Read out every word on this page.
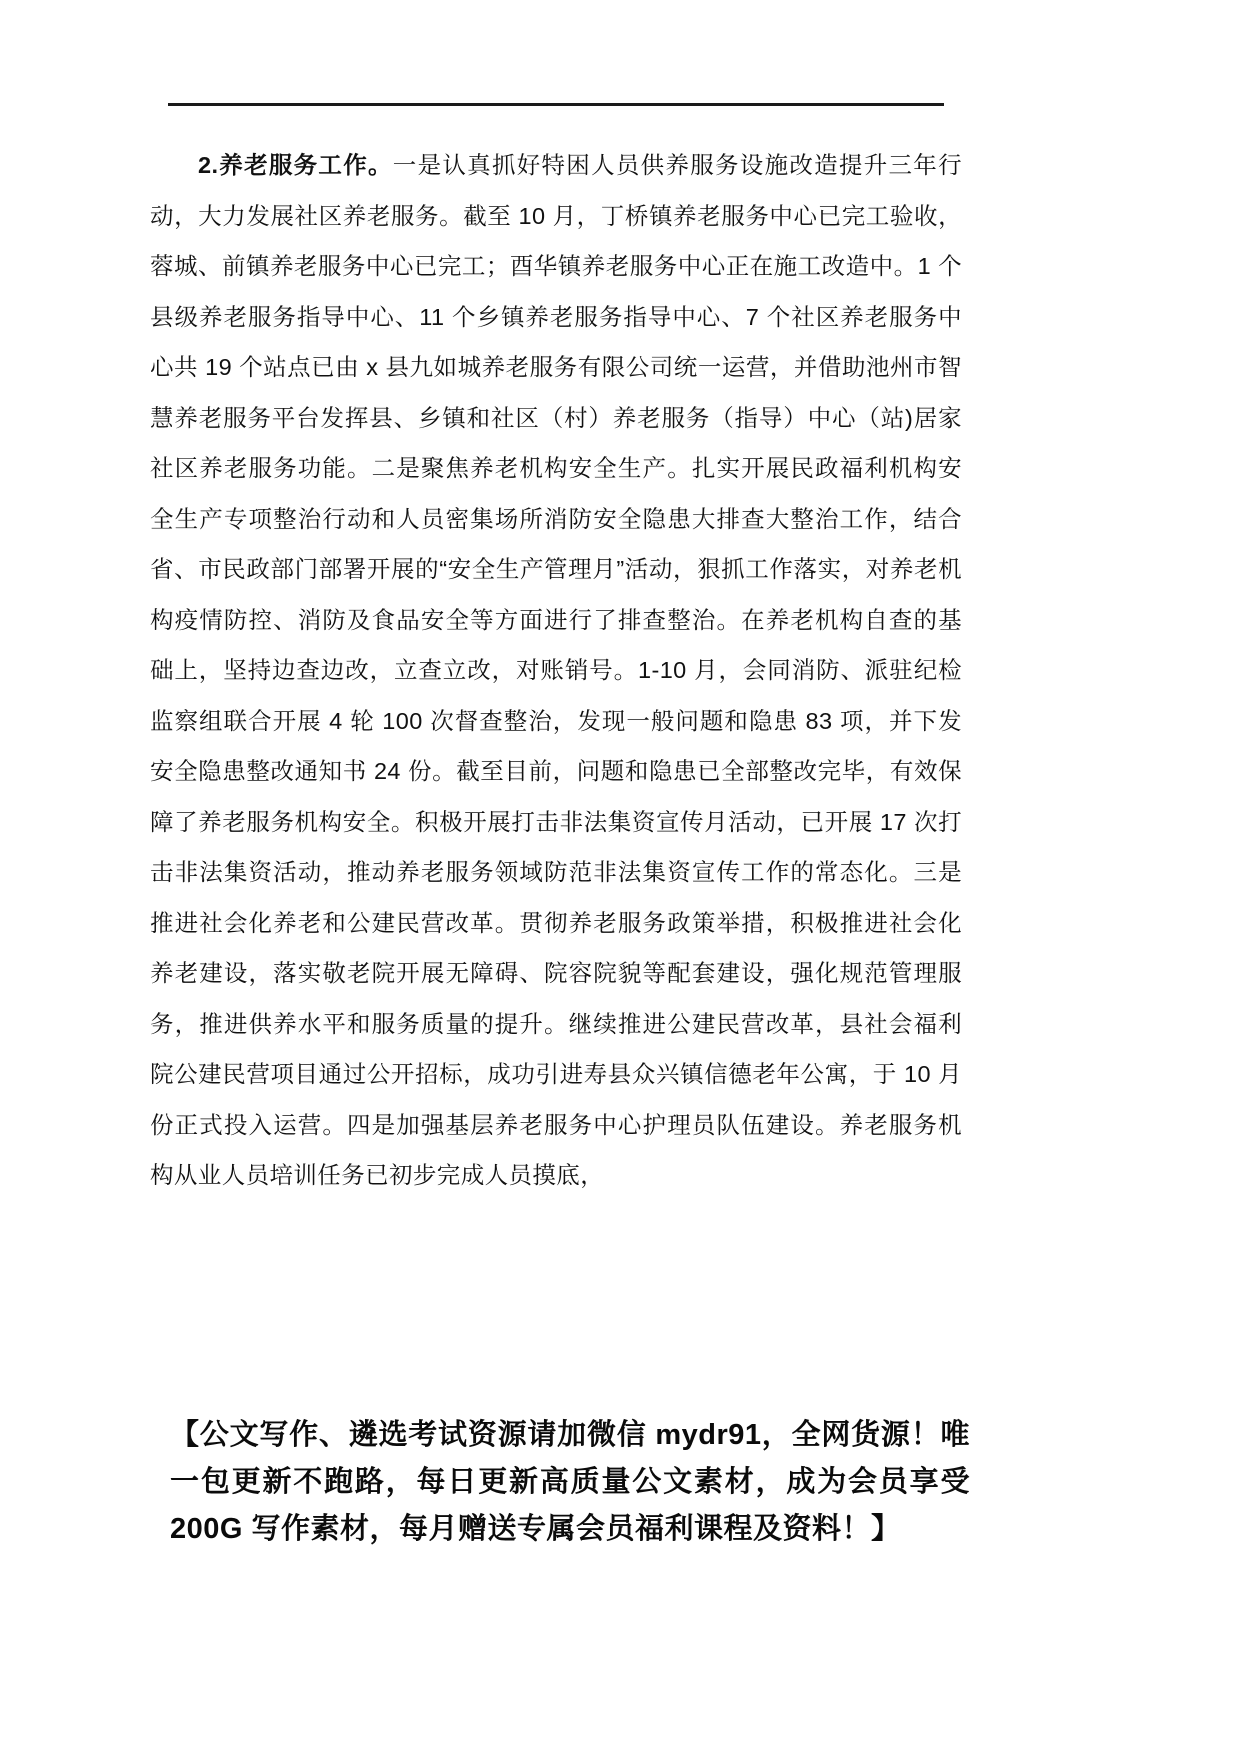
2.养老服务工作。一是认真抓好特困人员供养服务设施改造提升三年行动，大力发展社区养老服务。截至 10 月，丁桥镇养老服务中心已完工验收，蓉城、前镇养老服务中心已完工；酉华镇养老服务中心正在施工改造中。1 个县级养老服务指导中心、11 个乡镇养老服务指导中心、7 个社区养老服务中心共 19 个站点已由 x 县九如城养老服务有限公司统一运营，并借助池州市智慧养老服务平台发挥县、乡镇和社区（村）养老服务（指导）中心（站)居家社区养老服务功能。二是聚焦养老机构安全生产。扎实开展民政福利机构安全生产专项整治行动和人员密集场所消防安全隐患大排查大整治工作，结合省、市民政部门部署开展的“安全生产管理月”活动，狠抓工作落实，对养老机构疫情防控、消防及食品安全等方面进行了排查整治。在养老机构自查的基础上，坚持边查边改，立查立改，对账销号。1-10 月，会同消防、派驻纪检监察组联合开展 4 轮 100 次督查整治，发现一般问题和隐患 83 项，并下发安全隐患整改通知书 24 份。截至目前，问题和隐患已全部整改完毕，有效保障了养老服务机构安全。积极开展打击非法集资宣传月活动，已开展 17 次打击非法集资活动，推动养老服务领域防范非法集资宣传工作的常态化。三是推进社会化养老和公建民营改革。贯彻养老服务政策举措，积极推进社会化养老建设，落实敬老院开展无障碍、院容院貌等配套建设，强化规范管理服务，推进供养水平和服务质量的提升。继续推进公建民营改革，县社会福利院公建民营项目通过公开招标，成功引进寿县众兴镇信德老年公寓，于 10 月份正式投入运营。四是加强基层养老服务中心护理员队伍建设。养老服务机构从业人员培训任务已初步完成人员摸底，

【公文写作、遴选考试资源请加微信 mydr91，全网货源！唯一包更新不跑路，每日更新高质量公文素材，成为会员享受 200G 写作素材，每月赠送专属会员福利课程及资料！】
